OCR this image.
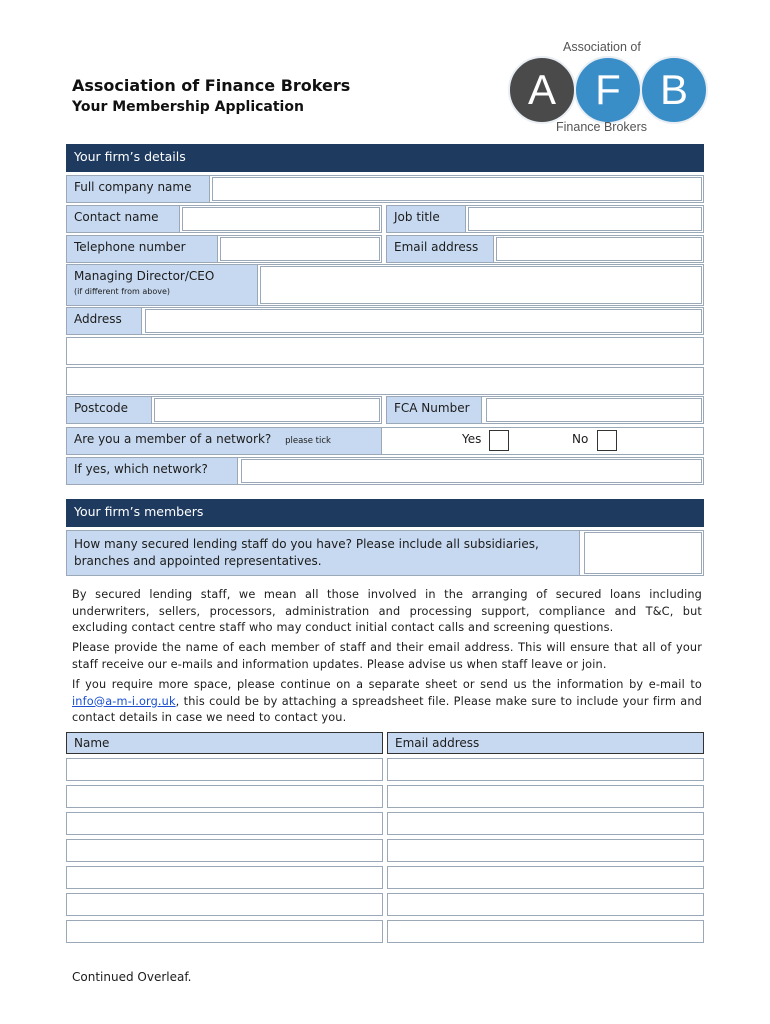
Association of Finance Brokers
Your Membership Application
Association of
A F B
Finance Brokers
Your firm’s details
Full company name
Contact name	Job title
Telephone number	Email address
Managing Director/CEO
(if different from above)
Address
Postcode	FCA Number
Are you a member of a network? please tick	Yes	No
If yes, which network?
Your firm’s members
How many secured lending staff do you have? Please include all subsidiaries,
branches and appointed representatives.
By secured lending staff, we mean all those involved in the arranging of secured loans including underwriters, sellers, processors, administration and processing support, compliance and T&C, but excluding contact centre staff who may conduct initial contact calls and screening questions.
Please provide the name of each member of staff and their email address. This will ensure that all of your staff receive our e-mails and information updates. Please advise us when staff leave or join.
If you require more space, please continue on a separate sheet or send us the information by e-mail to info@a-m-i.org.uk, this could be by attaching a spreadsheet file. Please make sure to include your firm and contact details in case we need to contact you.
Name	Email address
Continued Overleaf.
